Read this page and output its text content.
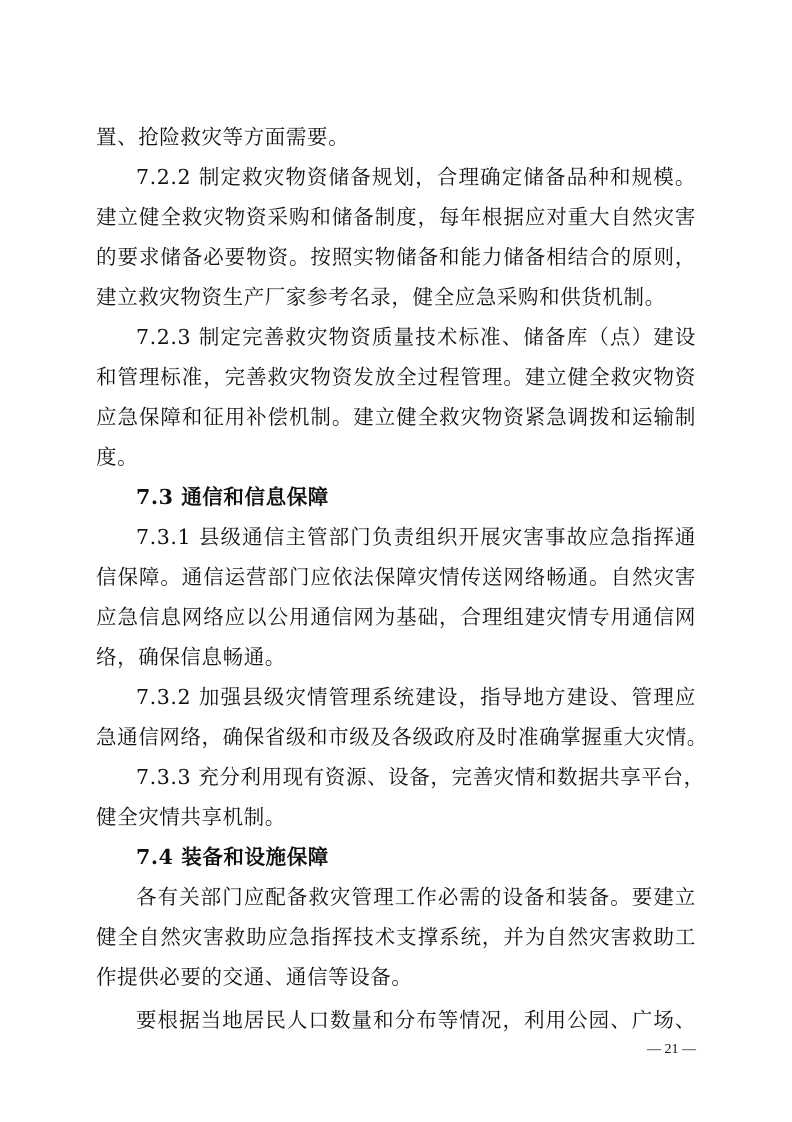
置、抢险救灾等方面需要。
7.2.2 制定救灾物资储备规划，合理确定储备品种和规模。
建立健全救灾物资采购和储备制度，每年根据应对重大自然灾害
的要求储备必要物资。按照实物储备和能力储备相结合的原则，
建立救灾物资生产厂家参考名录，健全应急采购和供货机制。
7.2.3 制定完善救灾物资质量技术标准、储备库（点）建设
和管理标准，完善救灾物资发放全过程管理。建立健全救灾物资
应急保障和征用补偿机制。建立健全救灾物资紧急调拨和运输制
度。
7.3 通信和信息保障
7.3.1 县级通信主管部门负责组织开展灾害事故应急指挥通
信保障。通信运营部门应依法保障灾情传送网络畅通。自然灾害
应急信息网络应以公用通信网为基础，合理组建灾情专用通信网
络，确保信息畅通。
7.3.2 加强县级灾情管理系统建设，指导地方建设、管理应
急通信网络，确保省级和市级及各级政府及时准确掌握重大灾情。
7.3.3 充分利用现有资源、设备，完善灾情和数据共享平台，
健全灾情共享机制。
7.4 装备和设施保障
各有关部门应配备救灾管理工作必需的设备和装备。要建立
健全自然灾害救助应急指挥技术支撑系统，并为自然灾害救助工
作提供必要的交通、通信等设备。
要根据当地居民人口数量和分布等情况，利用公园、广场、
— 21 —
